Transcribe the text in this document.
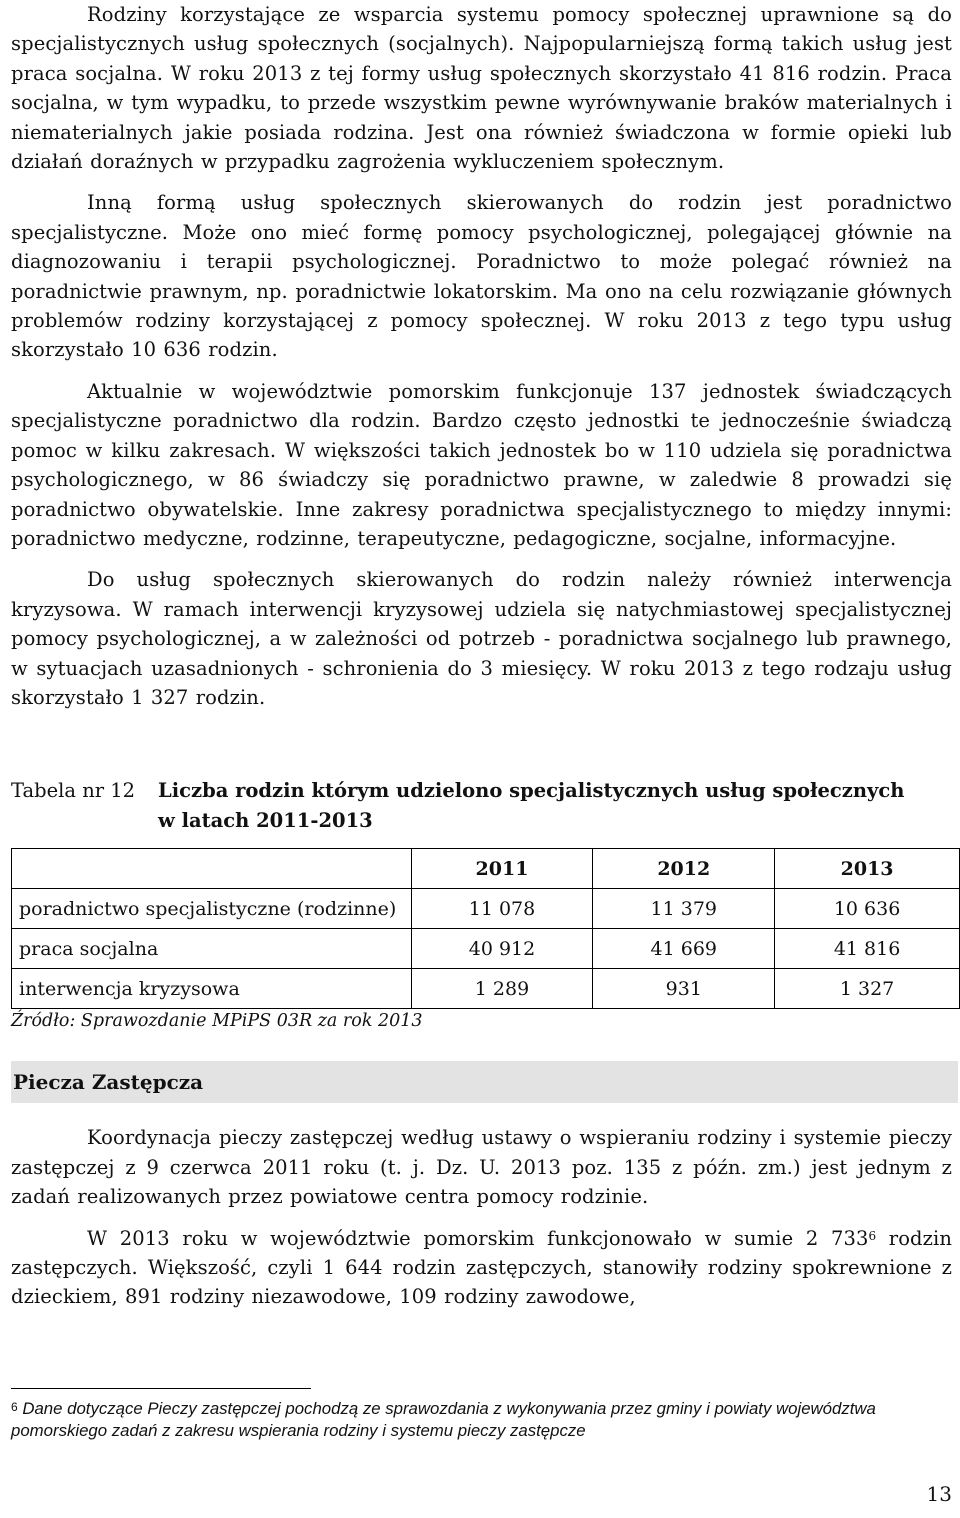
Rodziny korzystające ze wsparcia systemu pomocy społecznej uprawnione są do specjalistycznych usług społecznych (socjalnych). Najpopularniejszą formą takich usług jest praca socjalna. W roku 2013 z tej formy usług społecznych skorzystało 41 816 rodzin. Praca socjalna, w tym wypadku, to przede wszystkim pewne wyrównywanie braków materialnych i niematerialnych jakie posiada rodzina. Jest ona również świadczona w formie opieki lub działań doraźnych w przypadku zagrożenia wykluczeniem społecznym.

Inną formą usług społecznych skierowanych do rodzin jest poradnictwo specjalistyczne. Może ono mieć formę pomocy psychologicznej, polegającej głównie na diagnozowaniu i terapii psychologicznej. Poradnictwo to może polegać również na poradnictwie prawnym, np. poradnictwie lokatorskim. Ma ono na celu rozwiązanie głównych problemów rodziny korzystającej z pomocy społecznej. W roku 2013 z tego typu usług skorzystało 10 636 rodzin.

Aktualnie w województwie pomorskim funkcjonuje 137 jednostek świadczących specjalistyczne poradnictwo dla rodzin. Bardzo często jednostki te jednocześnie świadczą pomoc w kilku zakresach. W większości takich jednostek bo w 110 udziela się poradnictwa psychologicznego, w 86 świadczy się poradnictwo prawne, w zaledwie 8 prowadzi się poradnictwo obywatelskie. Inne zakresy poradnictwa specjalistycznego to między innymi: poradnictwo medyczne, rodzinne, terapeutyczne, pedagogiczne, socjalne, informacyjne.

Do usług społecznych skierowanych do rodzin należy również interwencja kryzysowa. W ramach interwencji kryzysowej udziela się natychmiastowej specjalistycznej pomocy psychologicznej, a w zależności od potrzeb - poradnictwa socjalnego lub prawnego, w sytuacjach uzasadnionych - schronienia do 3 miesięcy. W roku 2013 z tego rodzaju usług skorzystało 1 327 rodzin.

Tabela nr 12	Liczba rodzin którym udzielono specjalistycznych usług społecznych
w latach 2011-2013
	2011	2012	2013
poradnictwo specjalistyczne (rodzinne)	11 078	11 379	10 636
praca socjalna	40 912	41 669	41 816
interwencja kryzysowa	1 289	931	1 327
Źródło: Sprawozdanie MPiPS 03R za rok 2013
Piecza Zastępcza

Koordynacja pieczy zastępczej według ustawy o wspieraniu rodziny i systemie pieczy zastępczej z 9 czerwca 2011 roku (t. j. Dz. U. 2013 poz. 135 z późn. zm.) jest jednym z zadań realizowanych przez powiatowe centra pomocy rodzinie.

W 2013 roku w województwie pomorskim funkcjonowało w sumie 2 $733^6$ rodzin zastępczych. Większość, czyli 1 644 rodzin zastępczych, stanowiły rodziny spokrewnione z dzieckiem, 891 rodziny niezawodowe, 109 rodziny zawodowe,

$^6$ Dane dotyczące Pieczy zastępczej pochodzą ze sprawozdania z wykonywania przez gminy i powiaty województwa pomorskiego zadań z zakresu wspierania rodziny i systemu pieczy zastępcze
13
